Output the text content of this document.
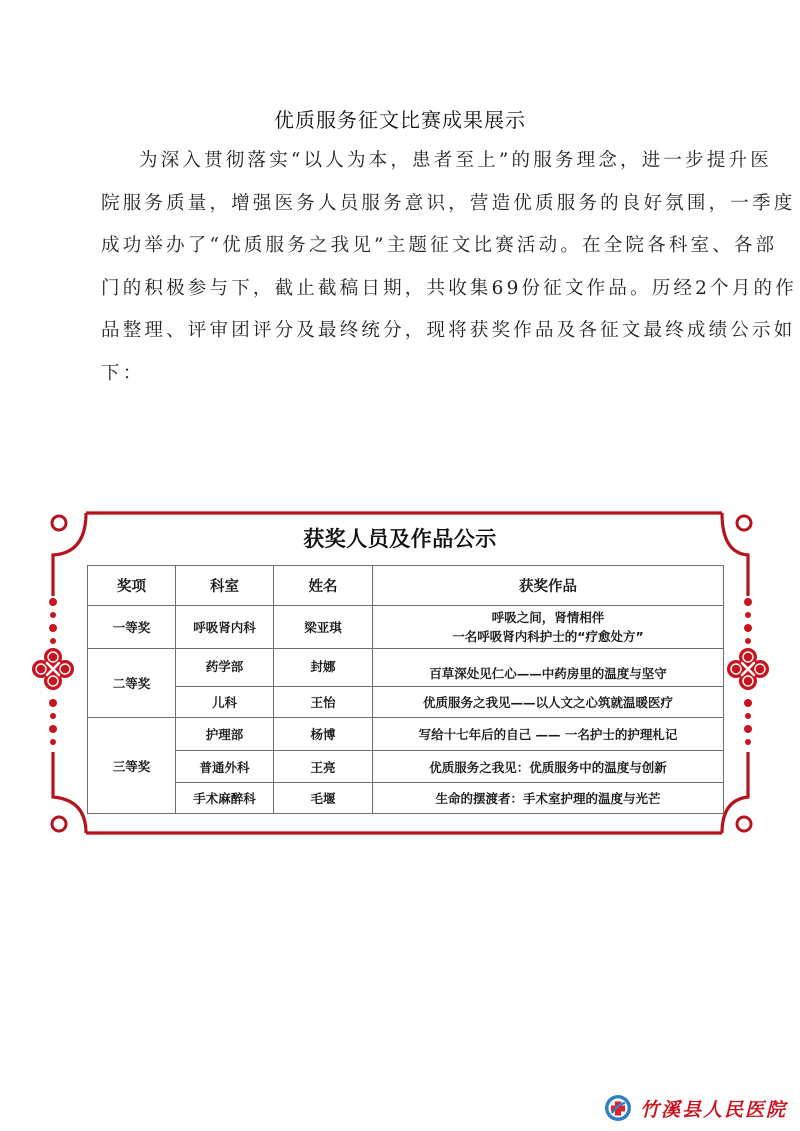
优质服务征文比赛成果展示
为深入贯彻落实“以人为本，患者至上”的服务理念，进一步提升医
院服务质量，增强医务人员服务意识，营造优质服务的良好氛围，一季度
成功举办了“优质服务之我见”主题征文比赛活动。在全院各科室、各部
门的积极参与下，截止截稿日期，共收集69份征文作品。历经2个月的作
品整理、评审团评分及最终统分，现将获奖作品及各征文最终成绩公示如
下：
获奖人员及作品公示
奖项	科室	姓名	获奖作品
一等奖	呼吸肾内科	梁亚琪	呼吸之间，肾情相伴
一名呼吸肾内科护士的“疗愈处方”

二等奖	药学部	封娜	百草深处见仁心——中药房里的温度与坚守
	儿科	王怡	优质服务之我见——以人文之心筑就温暖医疗
三等奖	护理部	杨博	写给十七年后的自己 —— 一名护士的护理札记
	普通外科	王亮	优质服务之我见：优质服务中的温度与创新
	手术麻醉科	毛堰	生命的摆渡者：手术室护理的温度与光芒
竹溪县人民医院
